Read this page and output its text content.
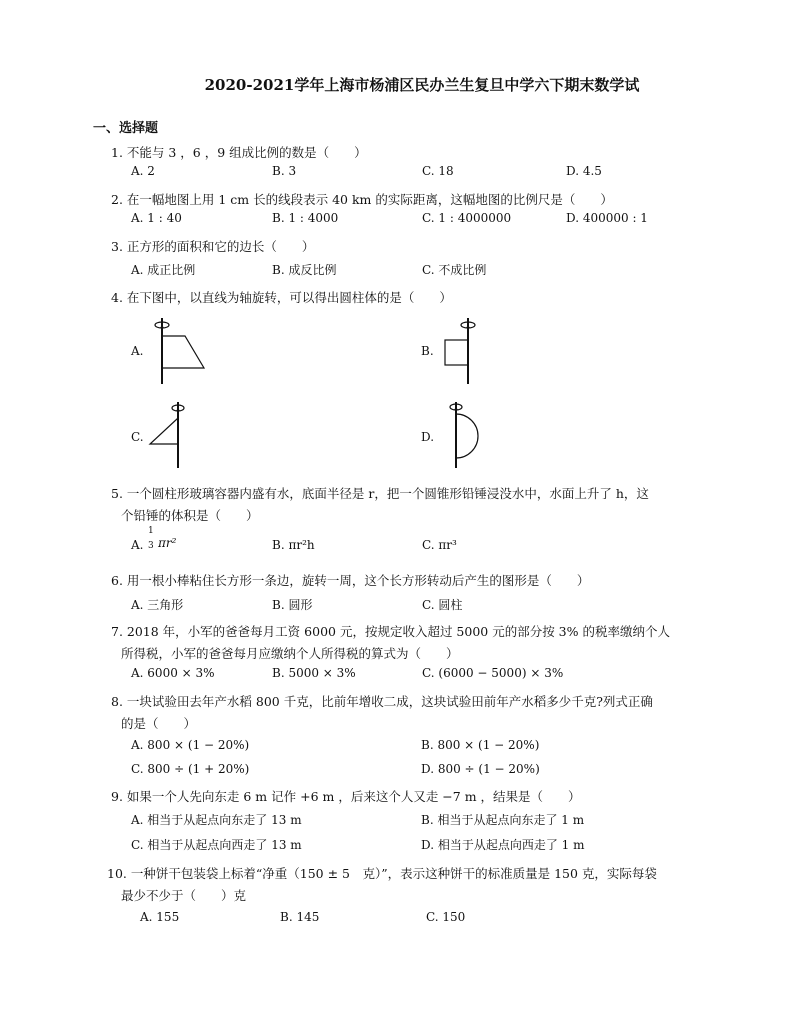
2020-2021学年上海市杨浦区民办兰生复旦中学六下期末数学试
一、选择题
1. 不能与 3 ，6 ，9 组成比例的数是（　　）
A. 2	B. 3	C. 18	D. 4.5
2. 在一幅地图上用 1 cm 长的线段表示 40 km 的实际距离，这幅地图的比例尺是（　　）
A. 1 : 40	B. 1 : 4000	C. 1 : 4000000	D. 400000 : 1
3. 正方形的面积和它的边长（　　）
A. 成正比例	B. 成反比例	C. 不成比例
4. 在下图中，以直线为轴旋转，可以得出圆柱体的是（　　）
A.	B.
C.	D.
5. 一个圆柱形玻璃容器内盛有水，底面半径是 r，把一个圆锥形铅锤浸没水中，水面上升了 h，这
个铅锤的体积是（　　）
A.
1
3 πr²	B. πr²h	C. πr³
6. 用一根小棒粘住长方形一条边，旋转一周，这个长方形转动后产生的图形是（　　）
A. 三角形	B. 圆形	C. 圆柱
7. 2018 年，小军的爸爸每月工资 6000 元，按规定收入超过 5000 元的部分按 3% 的税率缴纳个人
所得税，小军的爸爸每月应缴纳个人所得税的算式为（　　）
A. 6000 × 3%	B. 5000 × 3%	C. (6000 − 5000) × 3%
8. 一块试验田去年产水稻 800 千克，比前年增收二成，这块试验田前年产水稻多少千克?列式正确
的是（　　）
A. 800 × (1 − 20%)	B. 800 × (1 − 20%)
C. 800 ÷ (1 + 20%)	D. 800 ÷ (1 − 20%)
9. 如果一个人先向东走 6 m 记作 +6 m ，后来这个人又走 −7 m ，结果是（　　）
A. 相当于从起点向东走了 13 m	B. 相当于从起点向东走了 1 m
C. 相当于从起点向西走了 13 m	D. 相当于从起点向西走了 1 m
10. 一种饼干包装袋上标着“净重（150 ± 5　克）”，表示这种饼干的标准质量是 150 克，实际每袋
最少不少于（　　）克
A. 155	B. 145	C. 150
